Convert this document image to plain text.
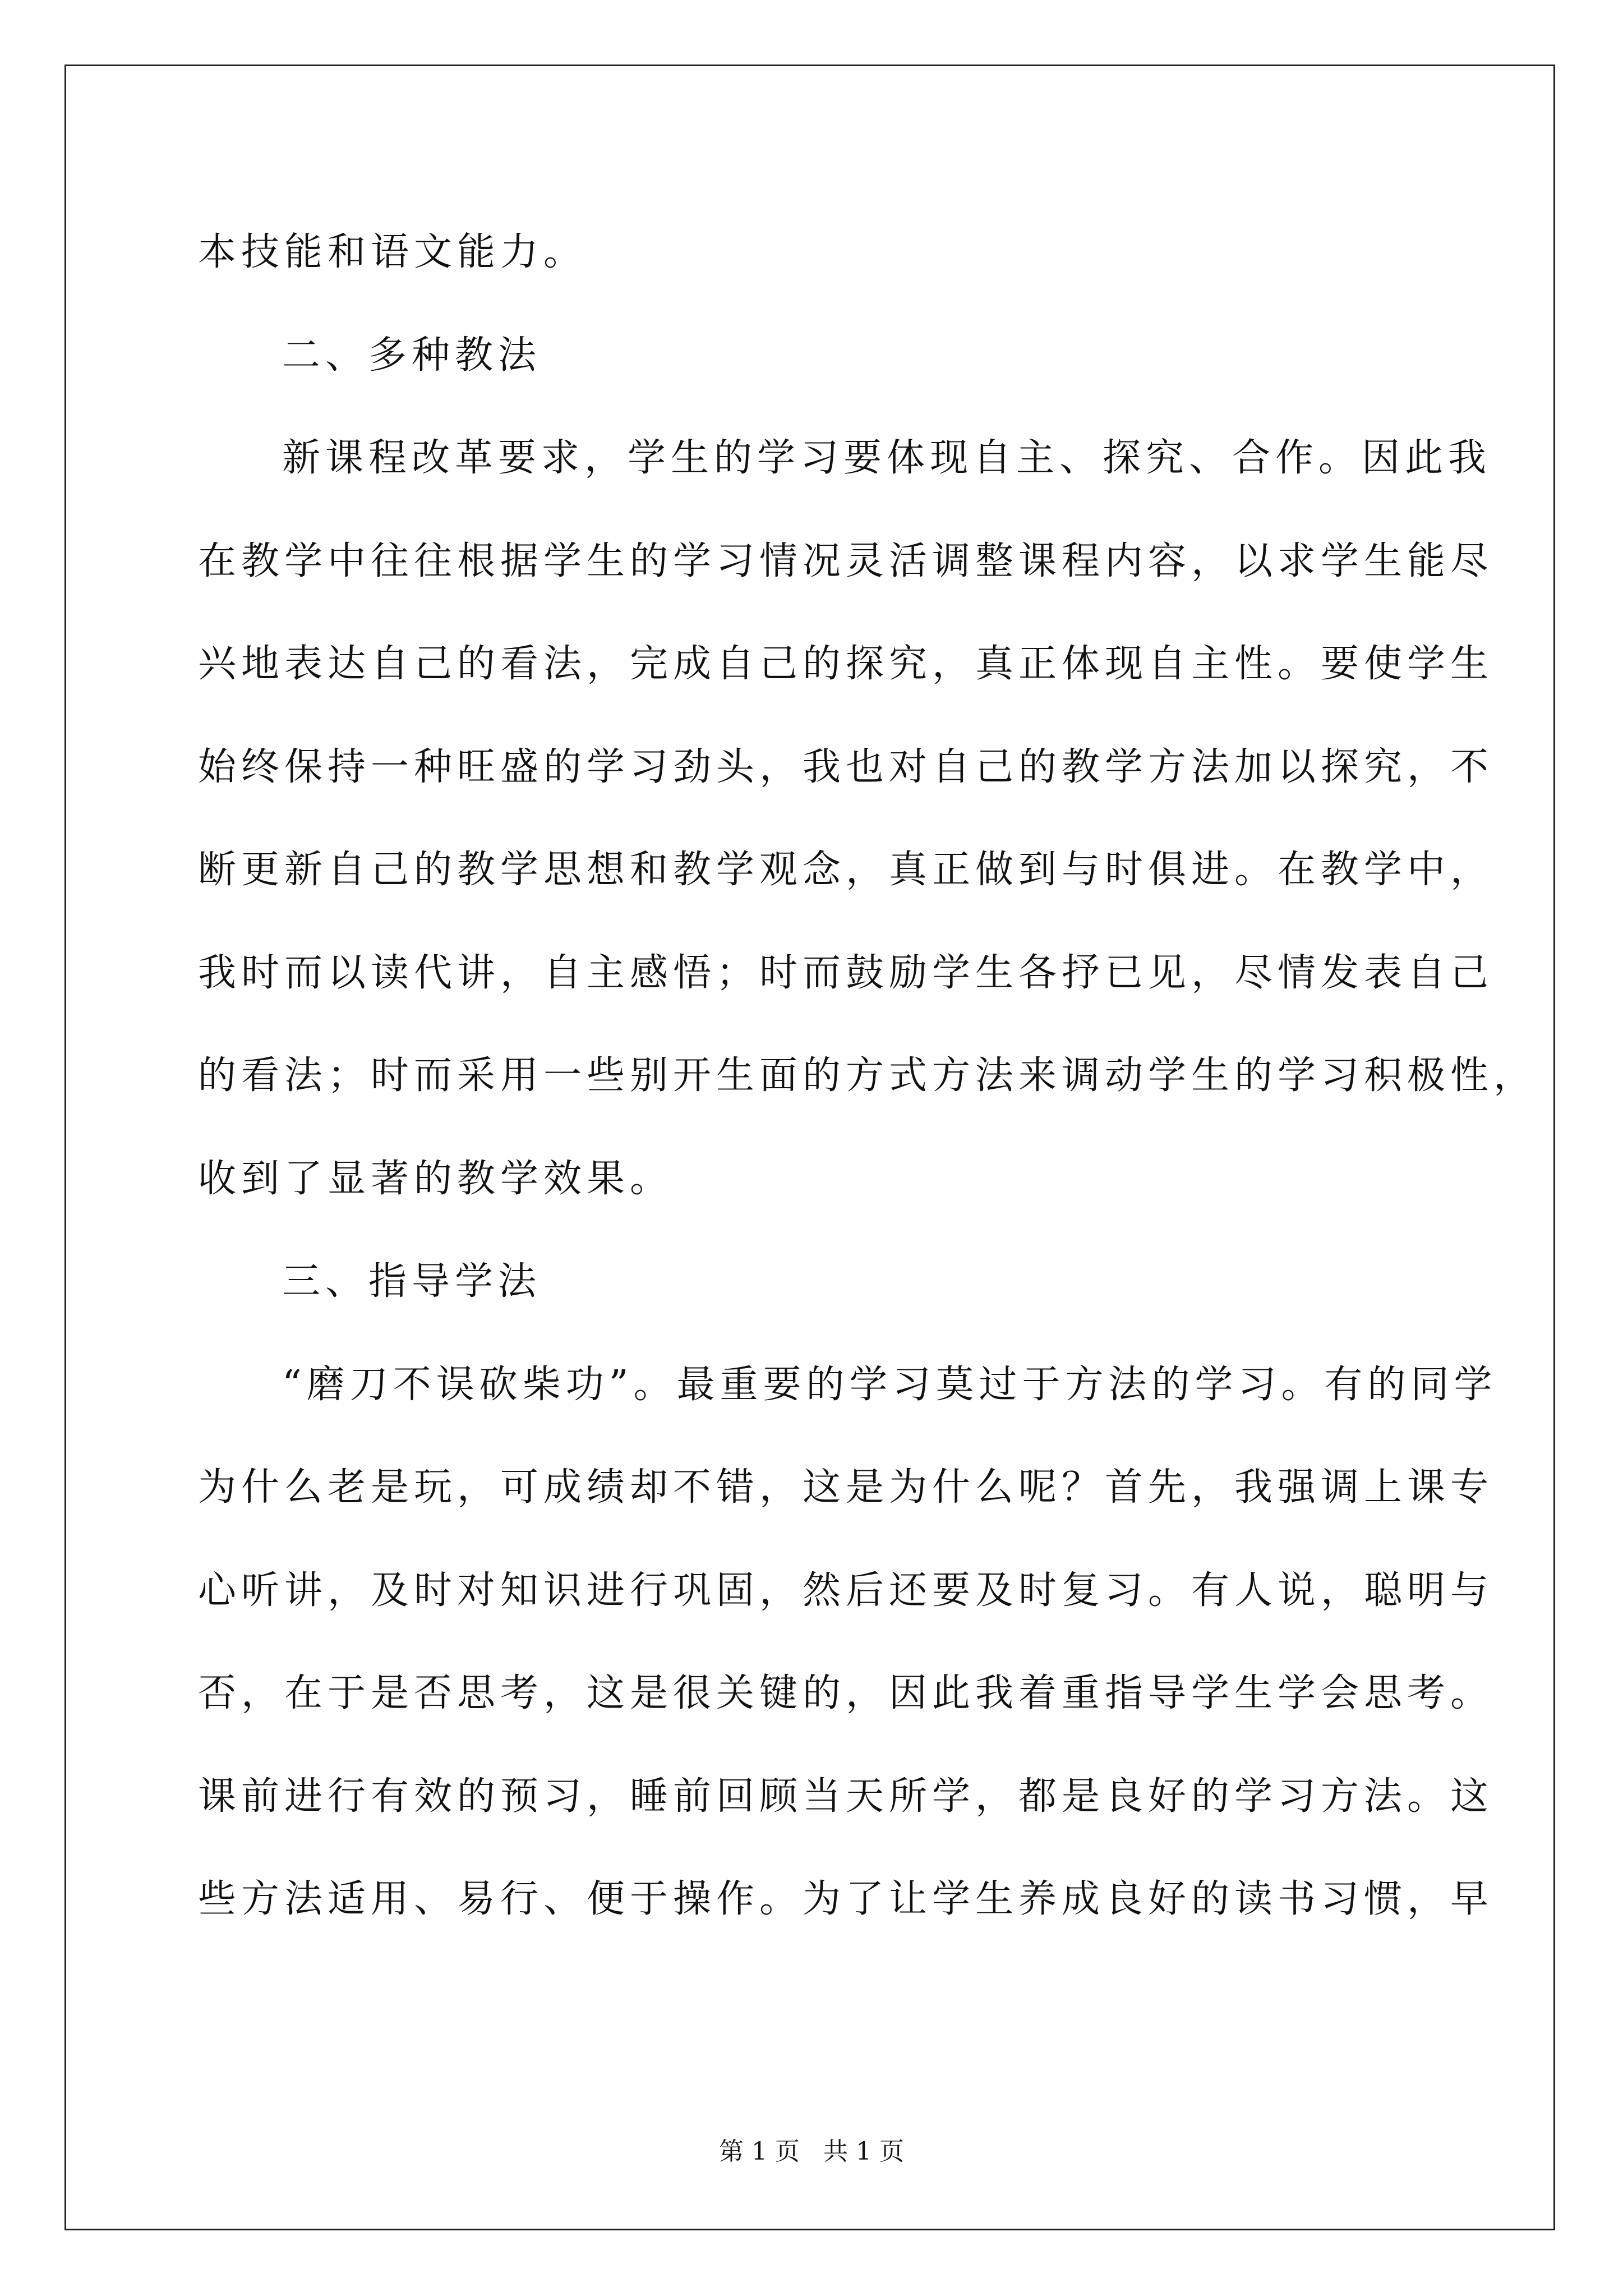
本技能和语文能力。
二、多种教法
新课程改革要求，学生的学习要体现自主、探究、合作。因此我
在教学中往往根据学生的学习情况灵活调整课程内容，以求学生能尽
兴地表达自己的看法，完成自己的探究，真正体现自主性。要使学生
始终保持一种旺盛的学习劲头，我也对自己的教学方法加以探究，不
断更新自己的教学思想和教学观念，真正做到与时俱进。在教学中，
我时而以读代讲，自主感悟；时而鼓励学生各抒已见，尽情发表自己
的看法；时而采用一些别开生面的方式方法来调动学生的学习积极性，
收到了显著的教学效果。
三、指导学法
“磨刀不误砍柴功”。最重要的学习莫过于方法的学习。有的同学
为什么老是玩，可成绩却不错，这是为什么呢？首先，我强调上课专
心听讲，及时对知识进行巩固，然后还要及时复习。有人说，聪明与
否，在于是否思考，这是很关键的，因此我着重指导学生学会思考。
课前进行有效的预习，睡前回顾当天所学，都是良好的学习方法。这
些方法适用、易行、便于操作。为了让学生养成良好的读书习惯，早
第 1 页   共 1 页
